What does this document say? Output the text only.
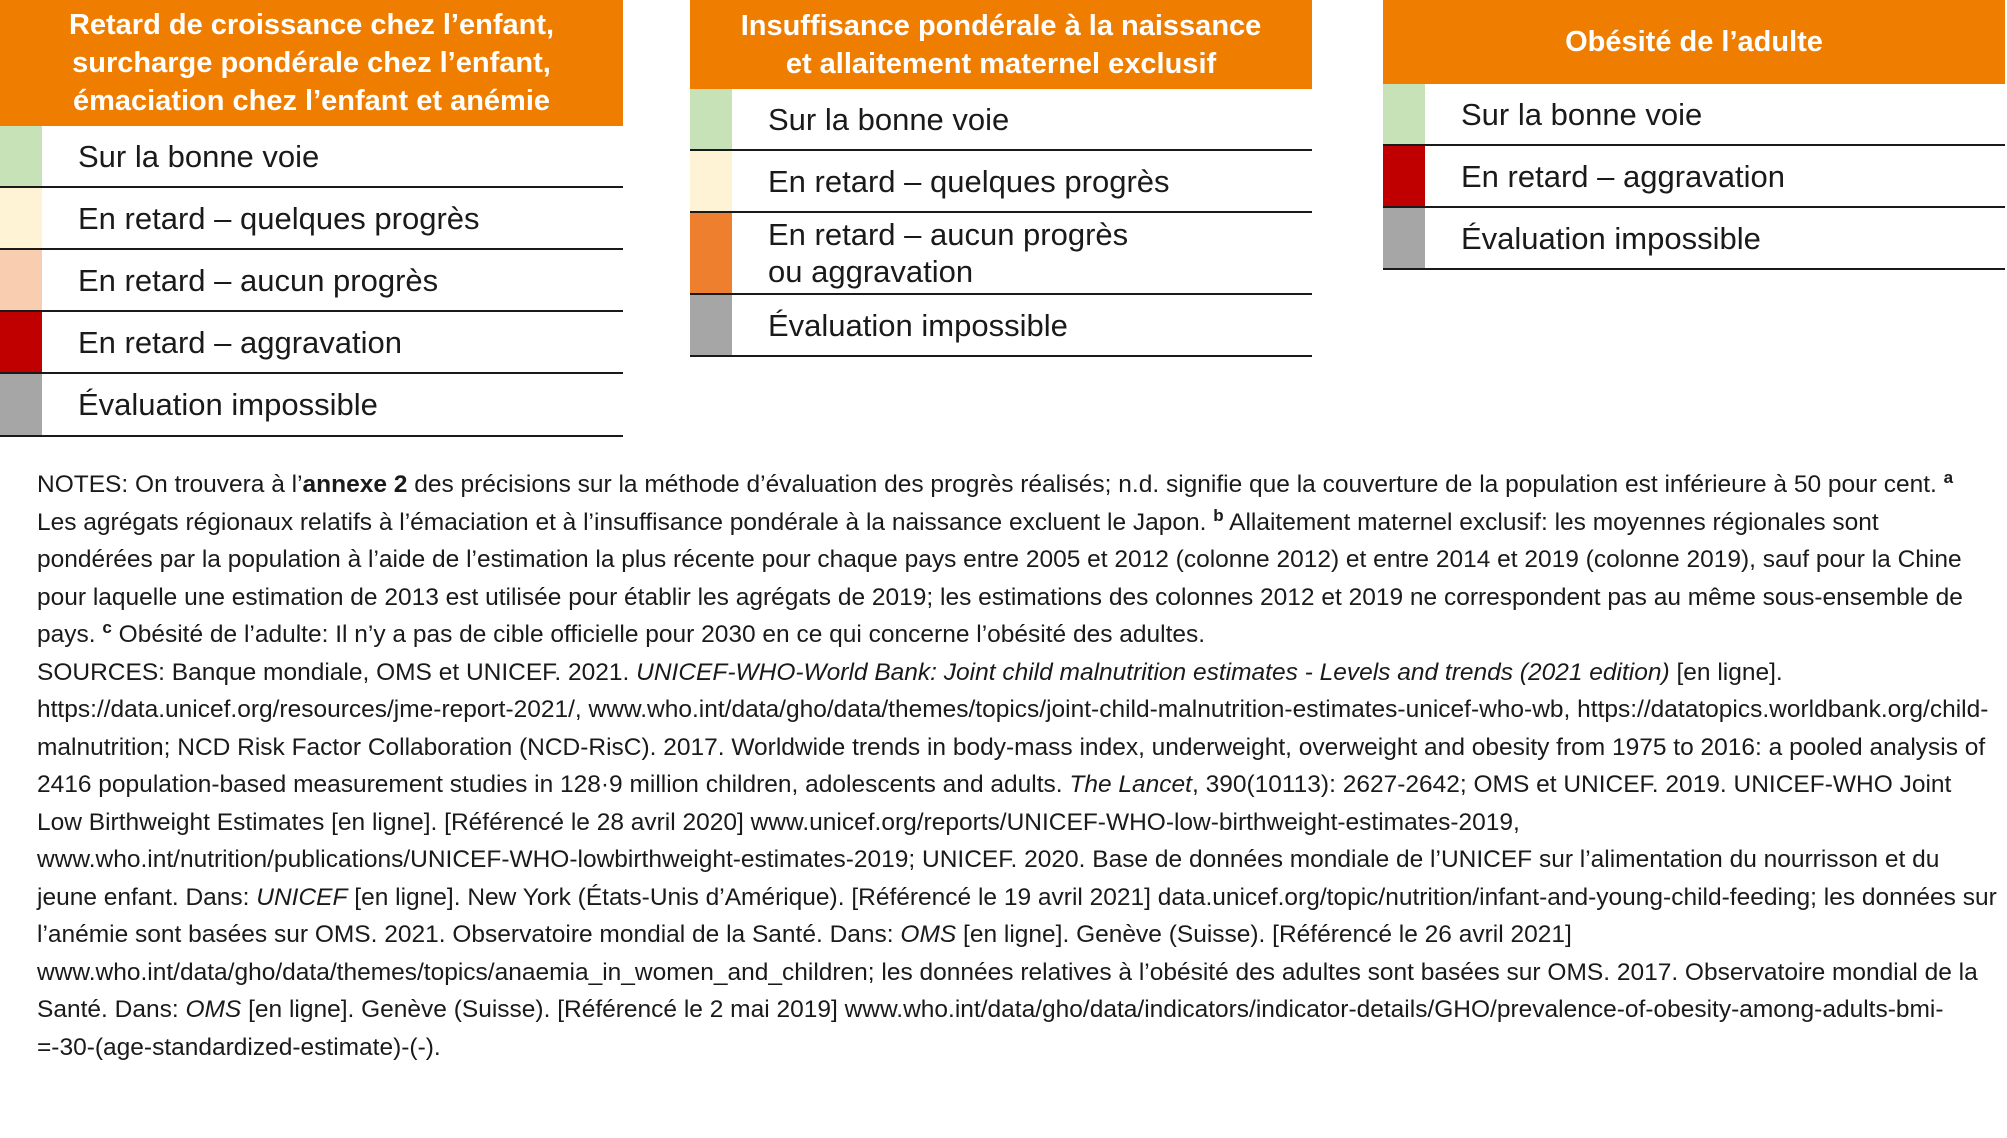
Retard de croissance chez l’enfant,
surcharge pondérale chez l’enfant,
émaciation chez l’enfant et anémie
Sur la bonne voie
En retard – quelques progrès
En retard – aucun progrès
En retard – aggravation
Évaluation impossible
Insuffisance pondérale à la naissance
et allaitement maternel exclusif
Sur la bonne voie
En retard – quelques progrès
En retard – aucun progrès
ou aggravation
Évaluation impossible
Obésité de l’adulte
Sur la bonne voie
En retard – aggravation
Évaluation impossible

NOTES: On trouvera à l’annexe 2 des précisions sur la méthode d’évaluation des progrès réalisés; n.d. signifie que la couverture de la population est inférieure à 50 pour cent. $^a$ Les agrégats régionaux relatifs à l’émaciation et à l’insuffisance pondérale à la naissance excluent le Japon. $^b$ Allaitement maternel exclusif: les moyennes régionales sont pondérées par la population à l’aide de l’estimation la plus récente pour chaque pays entre 2005 et 2012 (colonne 2012) et entre 2014 et 2019 (colonne 2019), sauf pour la Chine pour laquelle une estimation de 2013 est utilisée pour établir les agrégats de 2019; les estimations des colonnes 2012 et 2019 ne correspondent pas au même sous-ensemble de pays. $^c$ Obésité de l’adulte: Il n’y a pas de cible officielle pour 2030 en ce qui concerne l’obésité des adultes.

SOURCES: Banque mondiale, OMS et UNICEF. 2021. UNICEF-WHO-World Bank: Joint child malnutrition estimates - Levels and trends (2021 edition) [en ligne]. https://data.unicef.org/resources/jme-report-2021/, www.who.int/data/gho/data/themes/topics/joint-child-malnutrition-estimates-unicef-who-wb, https://datatopics.worldbank.org/child-malnutrition; NCD Risk Factor Collaboration (NCD-RisC). 2017. Worldwide trends in body-mass index, underweight, overweight and obesity from 1975 to 2016: a pooled analysis of 2416 population-based measurement studies in 128·9 million children, adolescents and adults. The Lancet, 390(10113): 2627-2642; OMS et UNICEF. 2019. UNICEF-WHO Joint Low Birthweight Estimates [en ligne]. [Référencé le 28 avril 2020] www.unicef.org/reports/UNICEF-WHO-low-birthweight-estimates-2019, www.who.int/nutrition/publications/UNICEF-WHO-lowbirthweight-estimates-2019; UNICEF. 2020. Base de données mondiale de l’UNICEF sur l’alimentation du nourrisson et du jeune enfant. Dans: UNICEF [en ligne]. New York (États-Unis d’Amérique). [Référencé le 19 avril 2021] data.unicef.org/topic/nutrition/infant-and-young-child-feeding; les données sur l’anémie sont basées sur OMS. 2021. Observatoire mondial de la Santé. Dans: OMS [en ligne]. Genève (Suisse). [Référencé le 26 avril 2021] www.who.int/data/gho/data/themes/topics/anaemia_in_women_and_children; les données relatives à l’obésité des adultes sont basées sur OMS. 2017. Observatoire mondial de la Santé. Dans: OMS [en ligne]. Genève (Suisse). [Référencé le 2 mai 2019] www.who.int/data/gho/data/indicators/indicator-details/GHO/prevalence-of-obesity-among-adults-bmi-=-30-(age-standardized-estimate)-(-).
